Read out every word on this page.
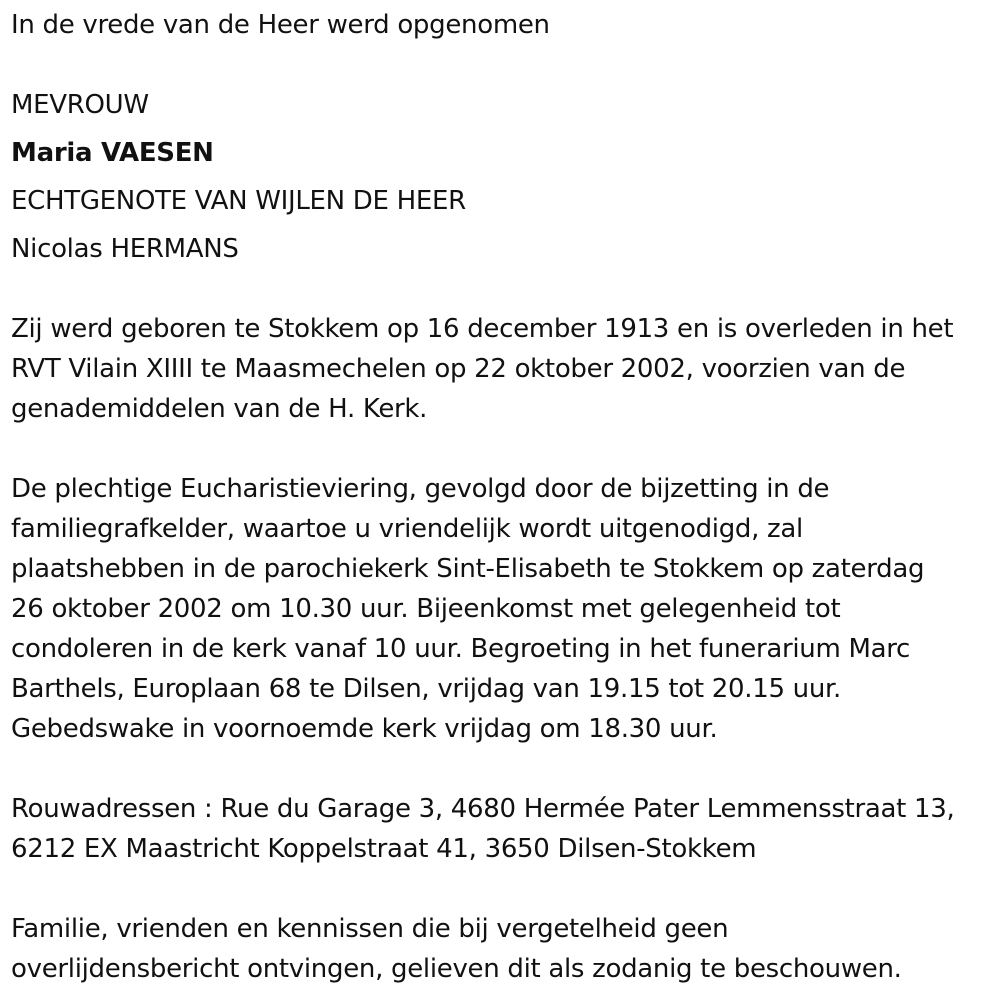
In de vrede van de Heer werd opgenomen
MEVROUW
Maria VAESEN
ECHTGENOTE VAN WIJLEN DE HEER
Nicolas HERMANS
Zij werd geboren te Stokkem op 16 december 1913 en is overleden in het
RVT Vilain XIIII te Maasmechelen op 22 oktober 2002, voorzien van de
genademiddelen van de H. Kerk.
De plechtige Eucharistieviering, gevolgd door de bijzetting in de
familiegrafkelder, waartoe u vriendelijk wordt uitgenodigd, zal
plaatshebben in de parochiekerk Sint-Elisabeth te Stokkem op zaterdag
26 oktober 2002 om 10.30 uur. Bijeenkomst met gelegenheid tot
condoleren in de kerk vanaf 10 uur. Begroeting in het funerarium Marc
Barthels, Europlaan 68 te Dilsen, vrijdag van 19.15 tot 20.15 uur.
Gebedswake in voornoemde kerk vrijdag om 18.30 uur.
Rouwadressen : Rue du Garage 3, 4680 Hermée Pater Lemmensstraat 13,
6212 EX Maastricht Koppelstraat 41, 3650 Dilsen-Stokkem
Familie, vrienden en kennissen die bij vergetelheid geen
overlijdensbericht ontvingen, gelieven dit als zodanig te beschouwen.
